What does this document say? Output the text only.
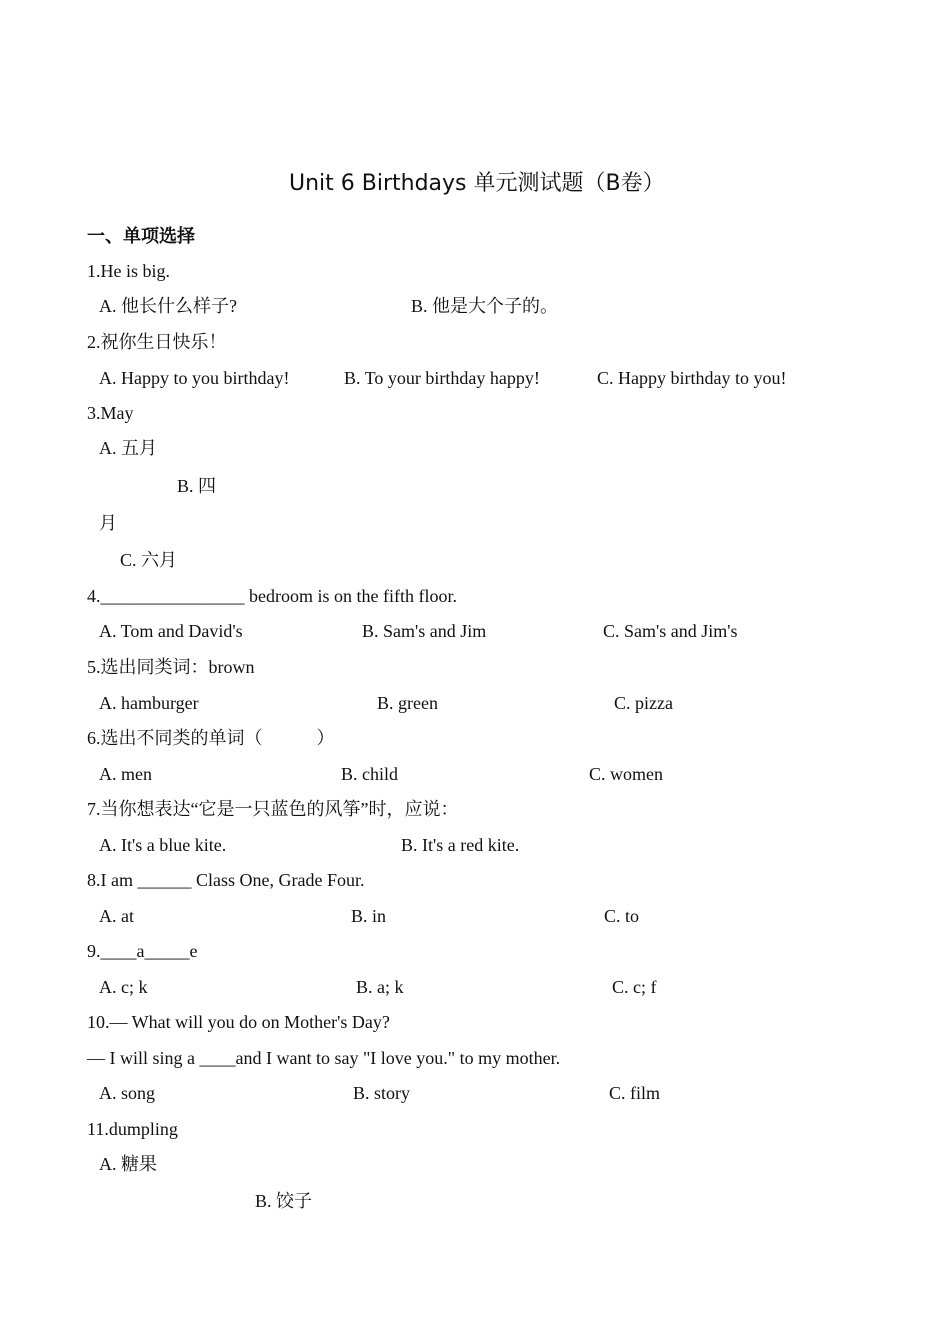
Unit 6 Birthdays 单元测试题（B卷）
一、单项选择
1.He is big.
A. 他长什么样子?	B. 他是大个子的。
2.祝你生日快乐！
A. Happy to you birthday!	B. To your birthday happy!	C. Happy birthday to you!
3.May
A. 五月
B. 四
月
C. 六月
4.________________ bedroom is on the fifth floor.
A. Tom and David's	B. Sam's and Jim	C. Sam's and Jim's
5.选出同类词：brown
A. hamburger	B. green	C. pizza
6.选出不同类的单词（　　　）
A. men	B. child	C. women
7.当你想表达“它是一只蓝色的风筝”时，应说：
A. It's a blue kite.	B. It's a red kite.
8.I am ______ Class One, Grade Four.
A. at	B. in	C. to
9.____a_____e
A. c; k	B. a; k	C. c; f
10.— What will you do on Mother's Day?
— I will sing a ____and I want to say "I love you." to my mother.
A. song	B. story	C. film
11.dumpling
A. 糖果
B. 饺子
